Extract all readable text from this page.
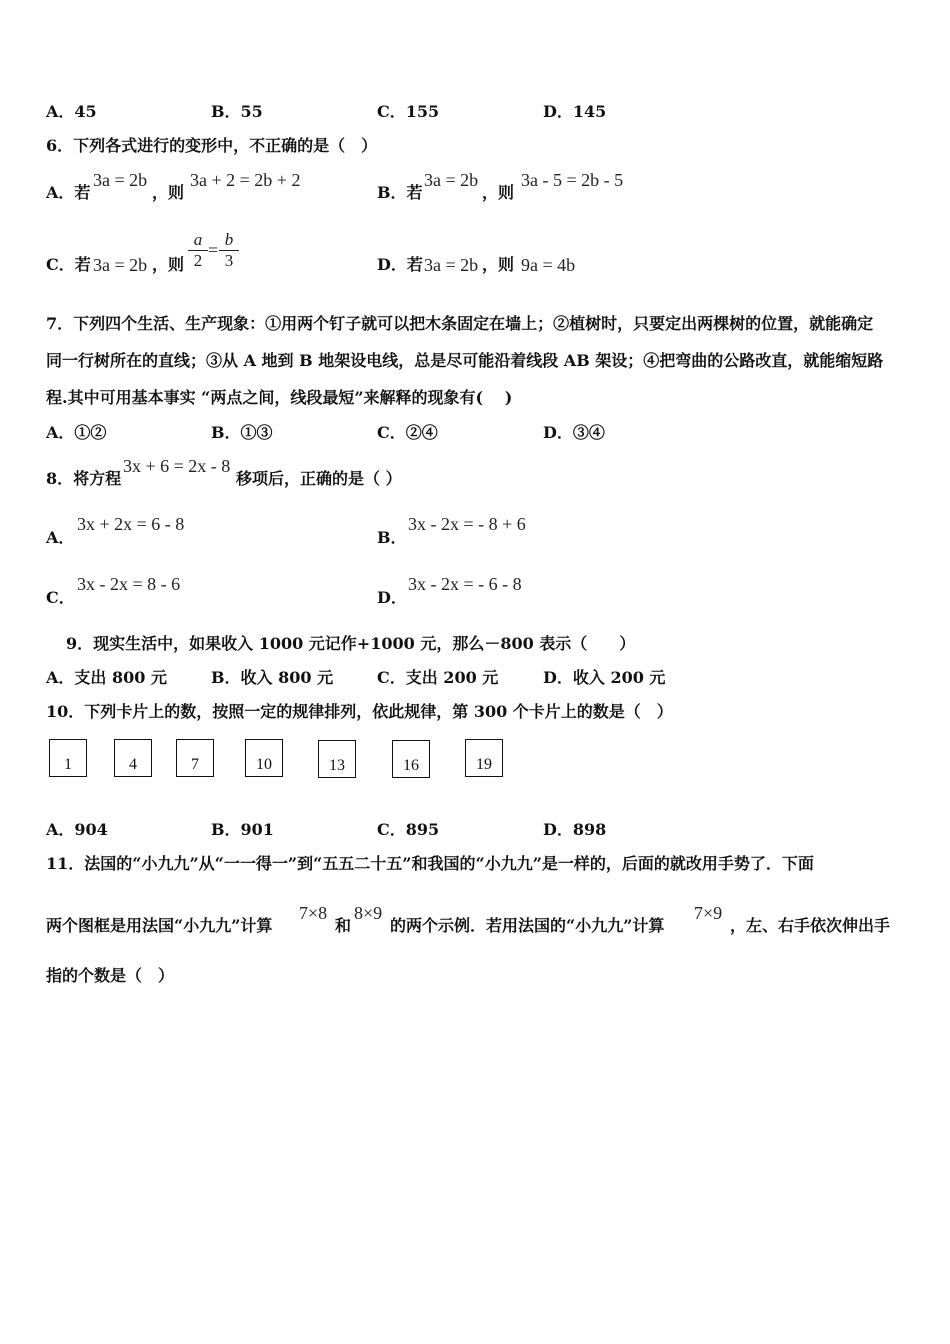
A．45	B．55	C．155	D．145
6．下列各式进行的变形中，不正确的是（　）
A．若
3a = 2b
，则
3a + 2 = 2b + 2
B．若
3a = 2b
，则
3a - 5 = 2b - 5
C．若 3a = 2b ，则 $\frac{a}{2} = \frac{b}{3}$	D．若 3a = 2b ，则 9a = 4b
7．下列四个生活、生产现象：①用两个钉子就可以把木条固定在墙上；②植树时，只要定出两棵树的位置，就能确定
同一行树所在的直线；③从 A 地到 B 地架设电线，总是尽可能沿着线段 AB 架设；④把弯曲的公路改直，就能缩短路
程.其中可用基本事实 “两点之间，线段最短”来解释的现象有(　 )
A．①②	B．①③	C．②④	D．③④
8．将方程
3x + 6 = 2x - 8
移项后，正确的是（ ）
A．
3x + 2x = 6 - 8
B．
3x - 2x = - 8 + 6
C．
3x - 2x = 8 - 6
D．
3x - 2x = - 6 - 8
9．现实生活中，如果收入 1000 元记作+1000 元，那么－800 表示（　　）
A．支出 800 元	B．收入 800 元	C．支出 200 元	D．收入 200 元
10．下列卡片上的数，按照一定的规律排列，依此规律，第 300 个卡片上的数是（　）
1	4	7	10	13	16	19
A．904	B．901	C．895	D．898
11．法国的“小九九”从“一一得一”到“五五二十五”和我国的“小九九”是一样的，后面的就改用手势了．下面
两个图框是用法国“小九九”计算
7×8
和
8×9
的两个示例．若用法国的“小九九”计算
7×9
，左、右手依次伸出手
指的个数是（　）
